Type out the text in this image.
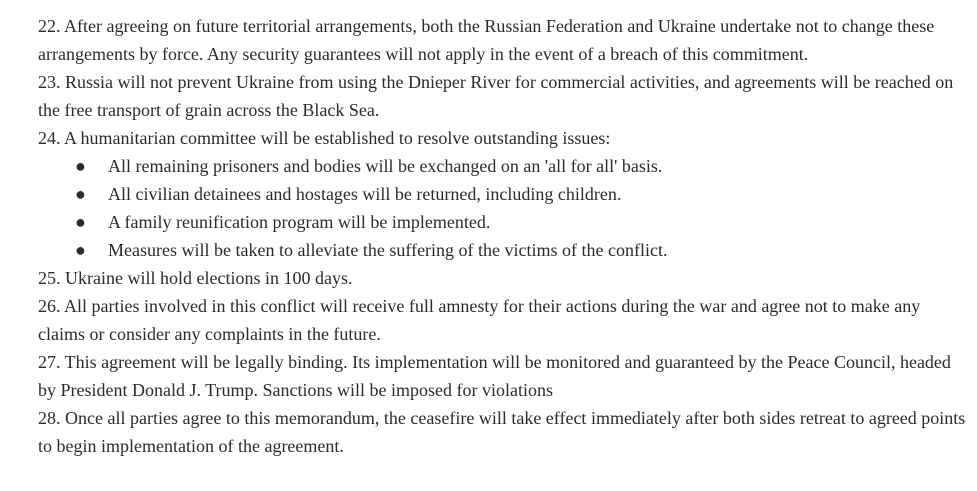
22. After agreeing on future territorial arrangements, both the Russian Federation and Ukraine undertake not to change these arrangements by force. Any security guarantees will not apply in the event of a breach of this commitment.

23. Russia will not prevent Ukraine from using the Dnieper River for commercial activities, and agreements will be reached on the free transport of grain across the Black Sea.

24. A humanitarian committee will be established to resolve outstanding issues:

● All remaining prisoners and bodies will be exchanged on an 'all for all' basis.
● All civilian detainees and hostages will be returned, including children.
● A family reunification program will be implemented.
● Measures will be taken to alleviate the suffering of the victims of the conflict.

25. Ukraine will hold elections in 100 days.

26. All parties involved in this conflict will receive full amnesty for their actions during the war and agree not to make any claims or consider any complaints in the future.

27. This agreement will be legally binding. Its implementation will be monitored and guaranteed by the Peace Council, headed by President Donald J. Trump. Sanctions will be imposed for violations

28. Once all parties agree to this memorandum, the ceasefire will take effect immediately after both sides retreat to agreed points to begin implementation of the agreement.
